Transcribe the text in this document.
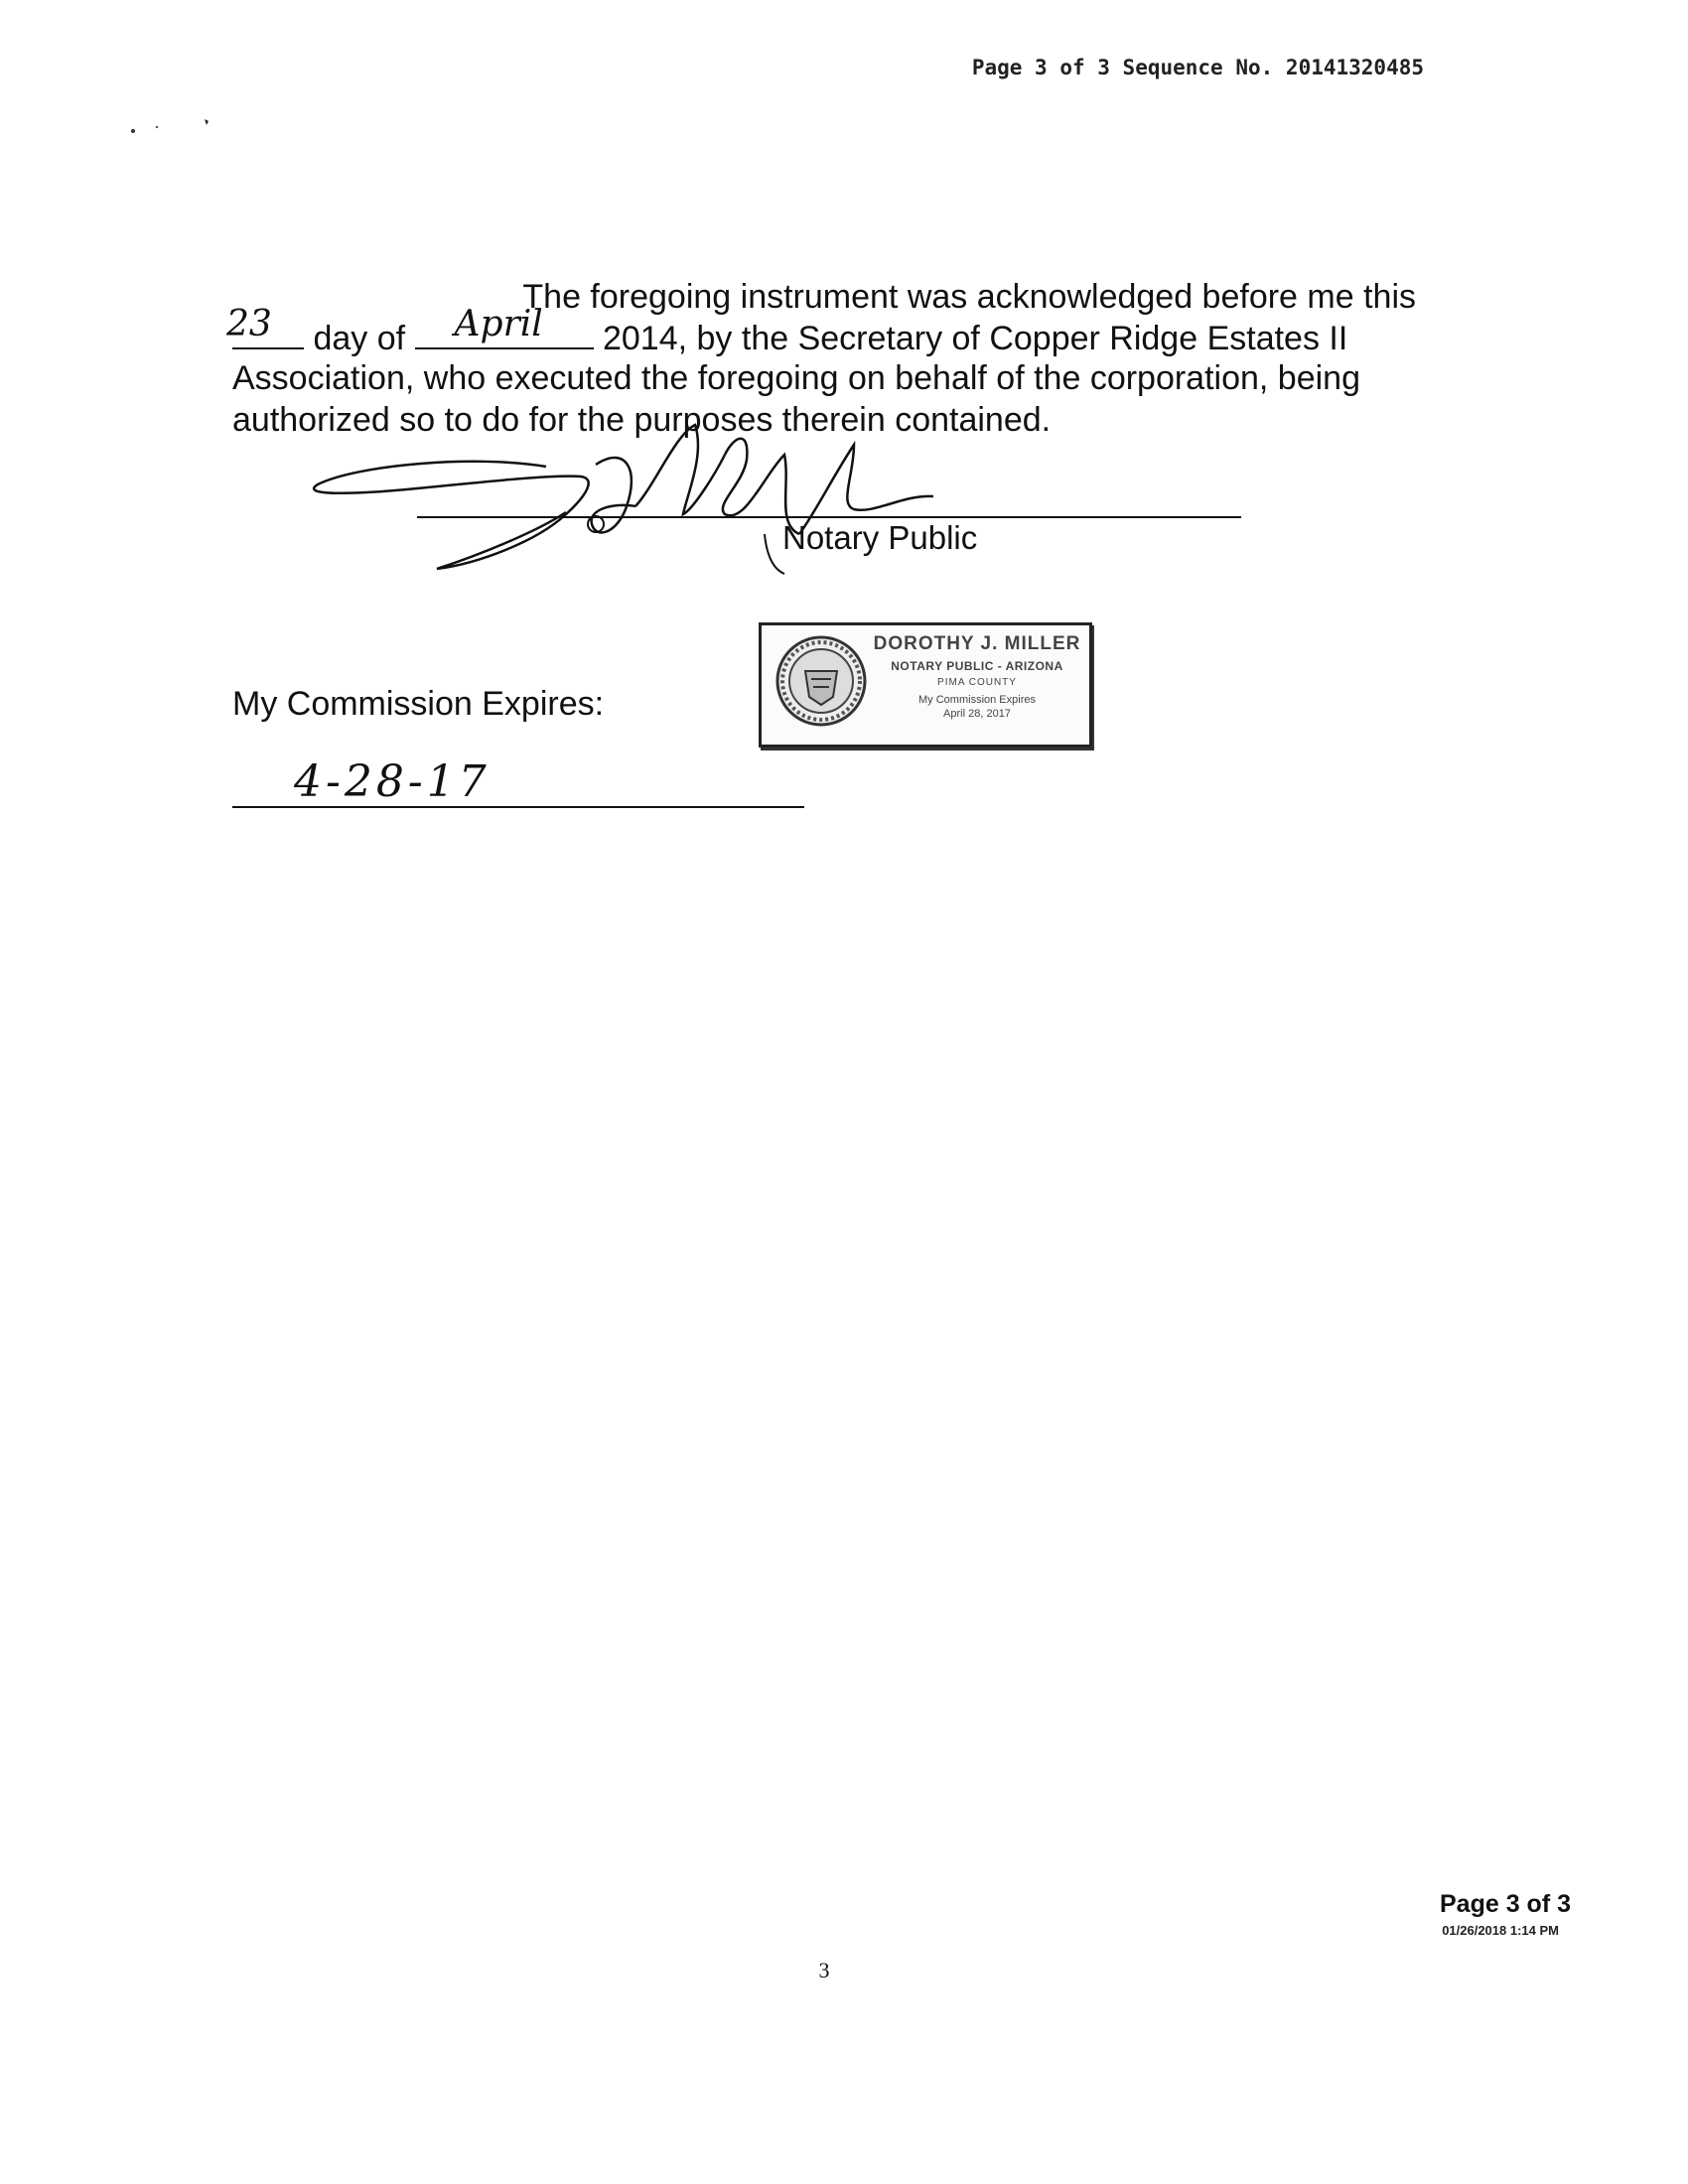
Page 3 of 3 Sequence No. 20141320485
The foregoing instrument was acknowledged before me this
23 day of April 2014, by the Secretary of Copper Ridge Estates II
Association, who executed the foregoing on behalf of the corporation, being
authorized so to do for the purposes therein contained.
Notary Public
DOROTHY J. MILLER
NOTARY PUBLIC - ARIZONA
PIMA COUNTY
My Commission Expires
April 28, 2017
My Commission Expires:
4-28-17
Page 3 of 3
01/26/2018 1:14 PM
3
